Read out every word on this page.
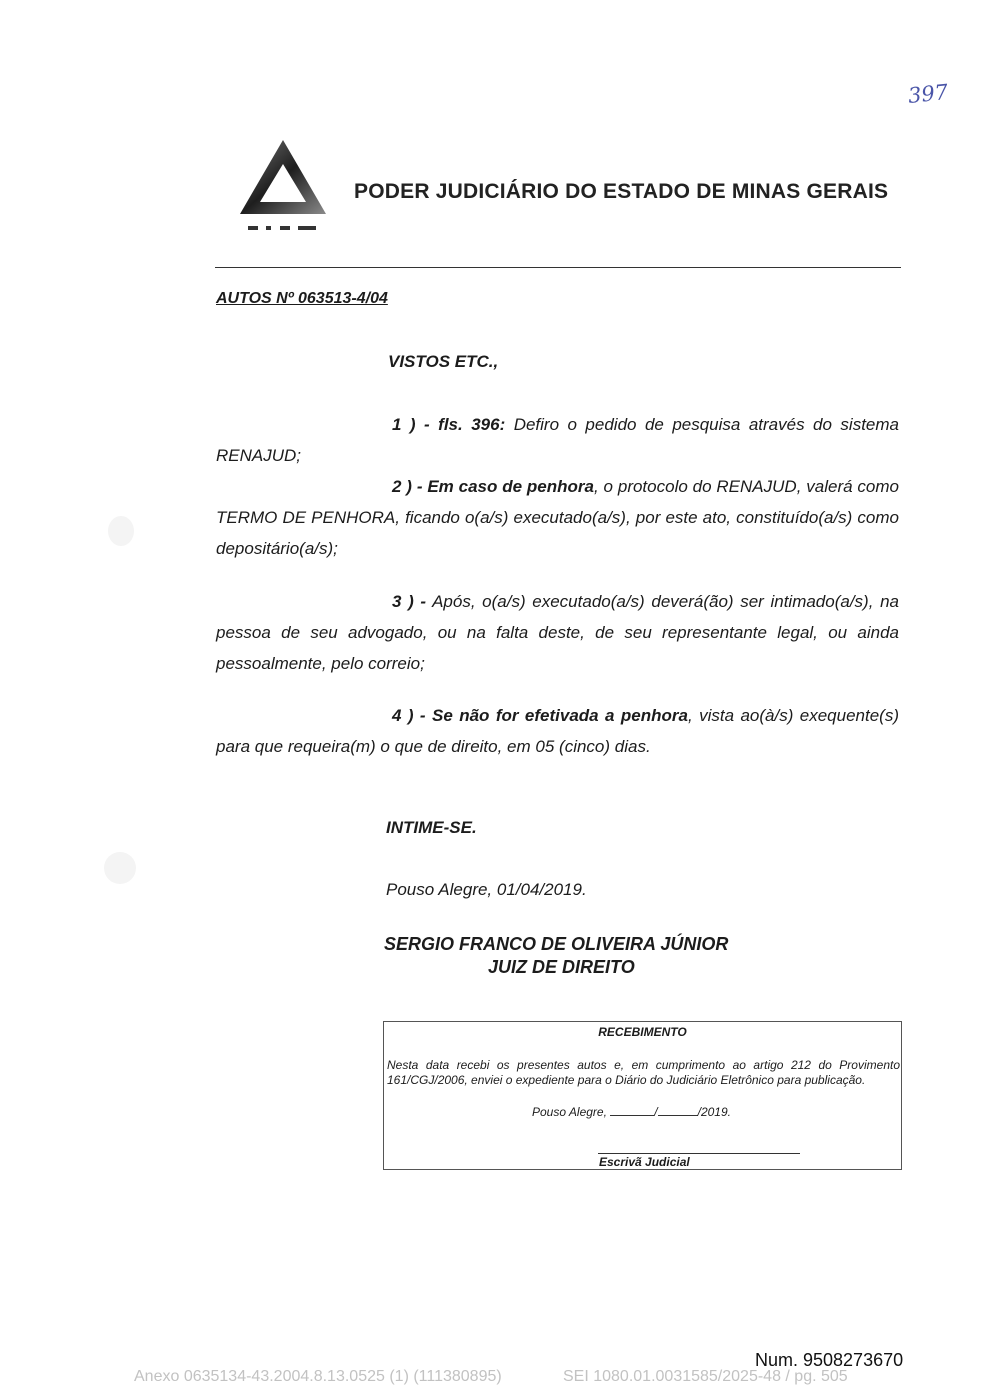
397
PODER JUDICIÁRIO DO ESTADO DE MINAS GERAIS
AUTOS Nº 063513-4/04
VISTOS ETC.,
1 ) - fls. 396: Defiro o pedido de pesquisa através do sistema RENAJUD;
2 ) - Em caso de penhora, o protocolo do RENAJUD, valerá como TERMO DE PENHORA, ficando o(a/s) executado(a/s), por este ato, constituído(a/s) como depositário(a/s);
3 ) - Após, o(a/s) executado(a/s) deverá(ão) ser intimado(a/s), na pessoa de seu advogado, ou na falta deste, de seu representante legal, ou ainda pessoalmente, pelo correio;
4 ) - Se não for efetivada a penhora, vista ao(à/s) exequente(s) para que requeira(m) o que de direito, em 05 (cinco) dias.
INTIME-SE.
Pouso Alegre, 01/04/2019.
SERGIO FRANCO DE OLIVEIRA JÚNIOR
JUIZ DE DIREITO
RECEBIMENTO
Nesta data recebi os presentes autos e, em cumprimento ao artigo 212 do Provimento 161/CGJ/2006, enviei o expediente para o Diário do Judiciário Eletrônico para publicação.
Pouso Alegre,	/	/2019.
Escrivã Judicial
Num. 9508273670
Anexo 0635134-43.2004.8.13.0525 (1) (111380895)	SEI 1080.01.0031585/2025-48 / pg. 505
